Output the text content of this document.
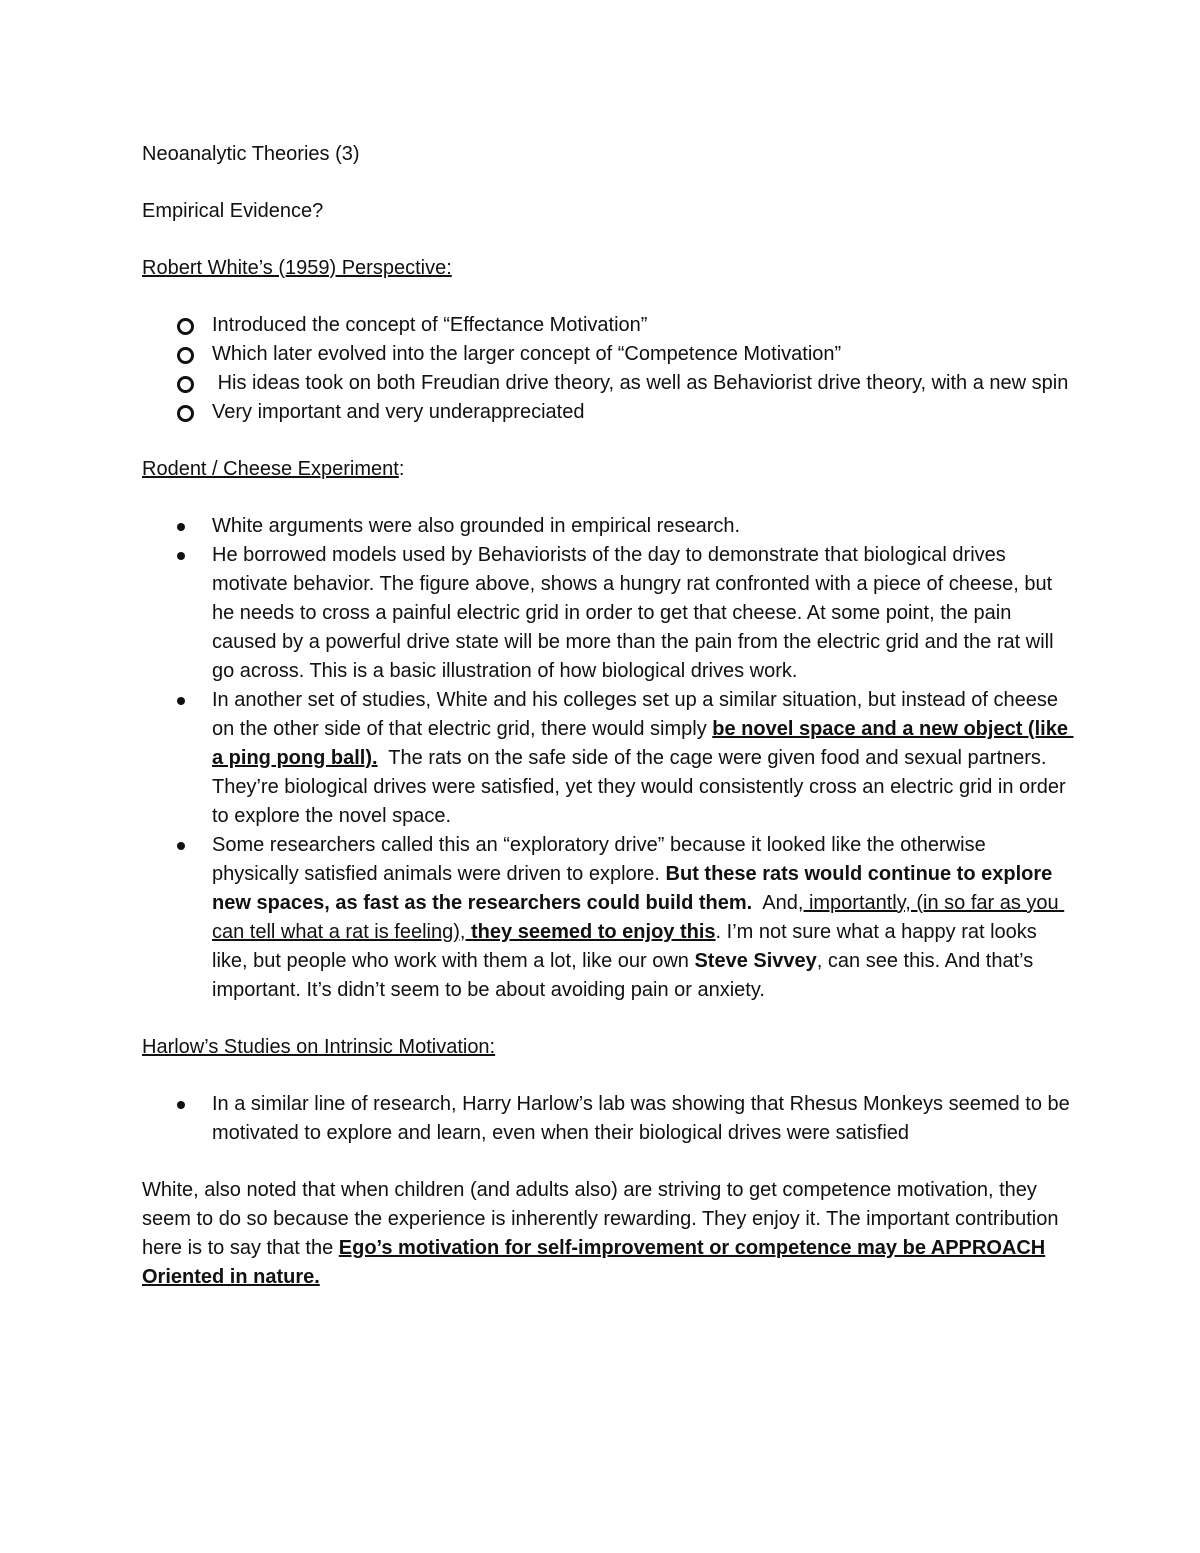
Neoanalytic Theories (3)

Empirical Evidence?

Robert White’s (1959) Perspective:

Introduced the concept of “Effectance Motivation”
Which later evolved into the larger concept of “Competence Motivation”
His ideas took on both Freudian drive theory, as well as Behaviorist drive theory, with a new spin
Very important and very underappreciated

Rodent / Cheese Experiment:

White arguments were also grounded in empirical research.
He borrowed models used by Behaviorists of the day to demonstrate that biological drives motivate behavior. The figure above, shows a hungry rat confronted with a piece of cheese, but he needs to cross a painful electric grid in order to get that cheese. At some point, the pain caused by a powerful drive state will be more than the pain from the electric grid and the rat will go across. This is a basic illustration of how biological drives work.
In another set of studies, White and his colleges set up a similar situation, but instead of cheese on the other side of that electric grid, there would simply be novel space and a new object (like a ping pong ball).  The rats on the safe side of the cage were given food and sexual partners. They’re biological drives were satisfied, yet they would consistently cross an electric grid in order to explore the novel space.
Some researchers called this an “exploratory drive” because it looked like the otherwise physically satisfied animals were driven to explore. But these rats would continue to explore new spaces, as fast as the researchers could build them.  And, importantly, (in so far as you can tell what a rat is feeling), they seemed to enjoy this. I’m not sure what a happy rat looks like, but people who work with them a lot, like our own Steve Sivvey, can see this. And that’s important. It’s didn’t seem to be about avoiding pain or anxiety.

Harlow’s Studies on Intrinsic Motivation:

In a similar line of research, Harry Harlow’s lab was showing that Rhesus Monkeys seemed to be motivated to explore and learn, even when their biological drives were satisfied

White, also noted that when children (and adults also) are striving to get competence motivation, they seem to do so because the experience is inherently rewarding. They enjoy it. The important contribution here is to say that the Ego’s motivation for self-improvement or competence may be APPROACH Oriented in nature.
